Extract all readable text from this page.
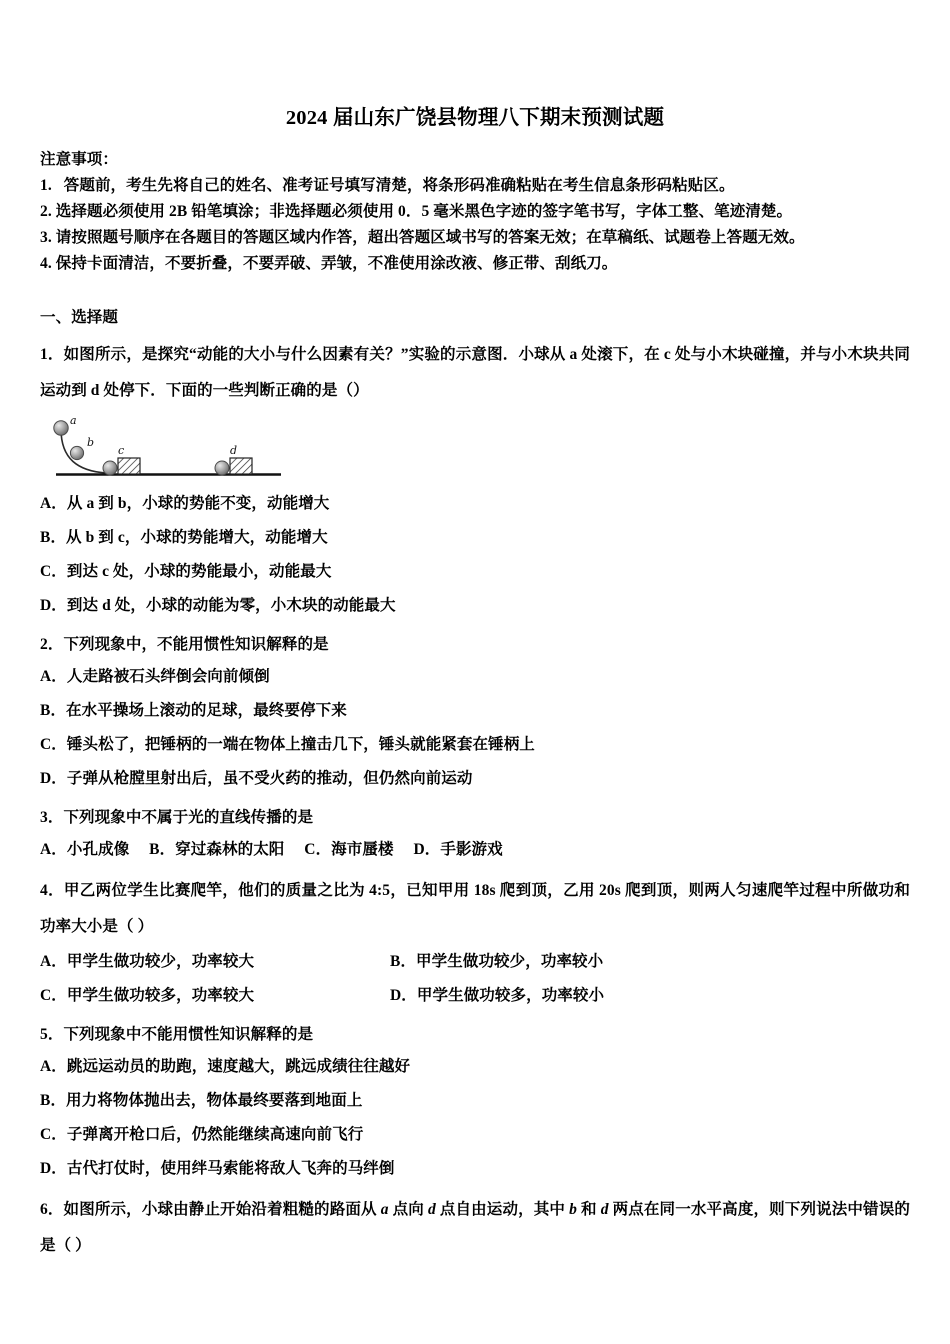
2024 届山东广饶县物理八下期末预测试题
注意事项：
1.   答题前，考生先将自己的姓名、准考证号填写清楚，将条形码准确粘贴在考生信息条形码粘贴区。
2. 选择题必须使用 2B 铅笔填涂；非选择题必须使用 0．5 毫米黑色字迹的签字笔书写，字体工整、笔迹清楚。
3. 请按照题号顺序在各题目的答题区域内作答，超出答题区域书写的答案无效；在草稿纸、试题卷上答题无效。
4. 保持卡面清洁，不要折叠，不要弄破、弄皱，不准使用涂改液、修正带、刮纸刀。
一、选择题
1．如图所示，是探究“动能的大小与什么因素有关？”实验的示意图．小球从 a 处滚下，在 c 处与小木块碰撞，并与小木块共同运动到 d 处停下．下面的一些判断正确的是（）
a
b
c	d
A．从 a 到 b，小球的势能不变，动能增大
B．从 b 到 c，小球的势能增大，动能增大
C．到达 c 处，小球的势能最小，动能最大
D．到达 d 处，小球的动能为零，小木块的动能最大
2．下列现象中，不能用惯性知识解释的是
A．人走路被石头绊倒会向前倾倒
B．在水平操场上滚动的足球，最终要停下来
C．锤头松了，把锤柄的一端在物体上撞击几下，锤头就能紧套在锤柄上
D．子弹从枪膛里射出后，虽不受火药的推动，但仍然向前运动
3．下列现象中不属于光的直线传播的是
A．小孔成像     B．穿过森林的太阳     C．海市蜃楼     D．手影游戏
4．甲乙两位学生比赛爬竿，他们的质量之比为 4:5，已知甲用 18s 爬到顶，乙用 20s 爬到顶，则两人匀速爬竿过程中所做功和功率大小是（ ）
A．甲学生做功较少，功率较大	B．甲学生做功较少，功率较小
C．甲学生做功较多，功率较大	D．甲学生做功较多，功率较小
5．下列现象中不能用惯性知识解释的是
A．跳远运动员的助跑，速度越大，跳远成绩往往越好
B．用力将物体抛出去，物体最终要落到地面上
C．子弹离开枪口后，仍然能继续高速向前飞行
D．古代打仗时，使用绊马索能将敌人飞奔的马绊倒
6．如图所示，小球由静止开始沿着粗糙的路面从 a 点向 d 点自由运动，其中 b 和 d 两点在同一水平高度，则下列说法中错误的是（ ）
